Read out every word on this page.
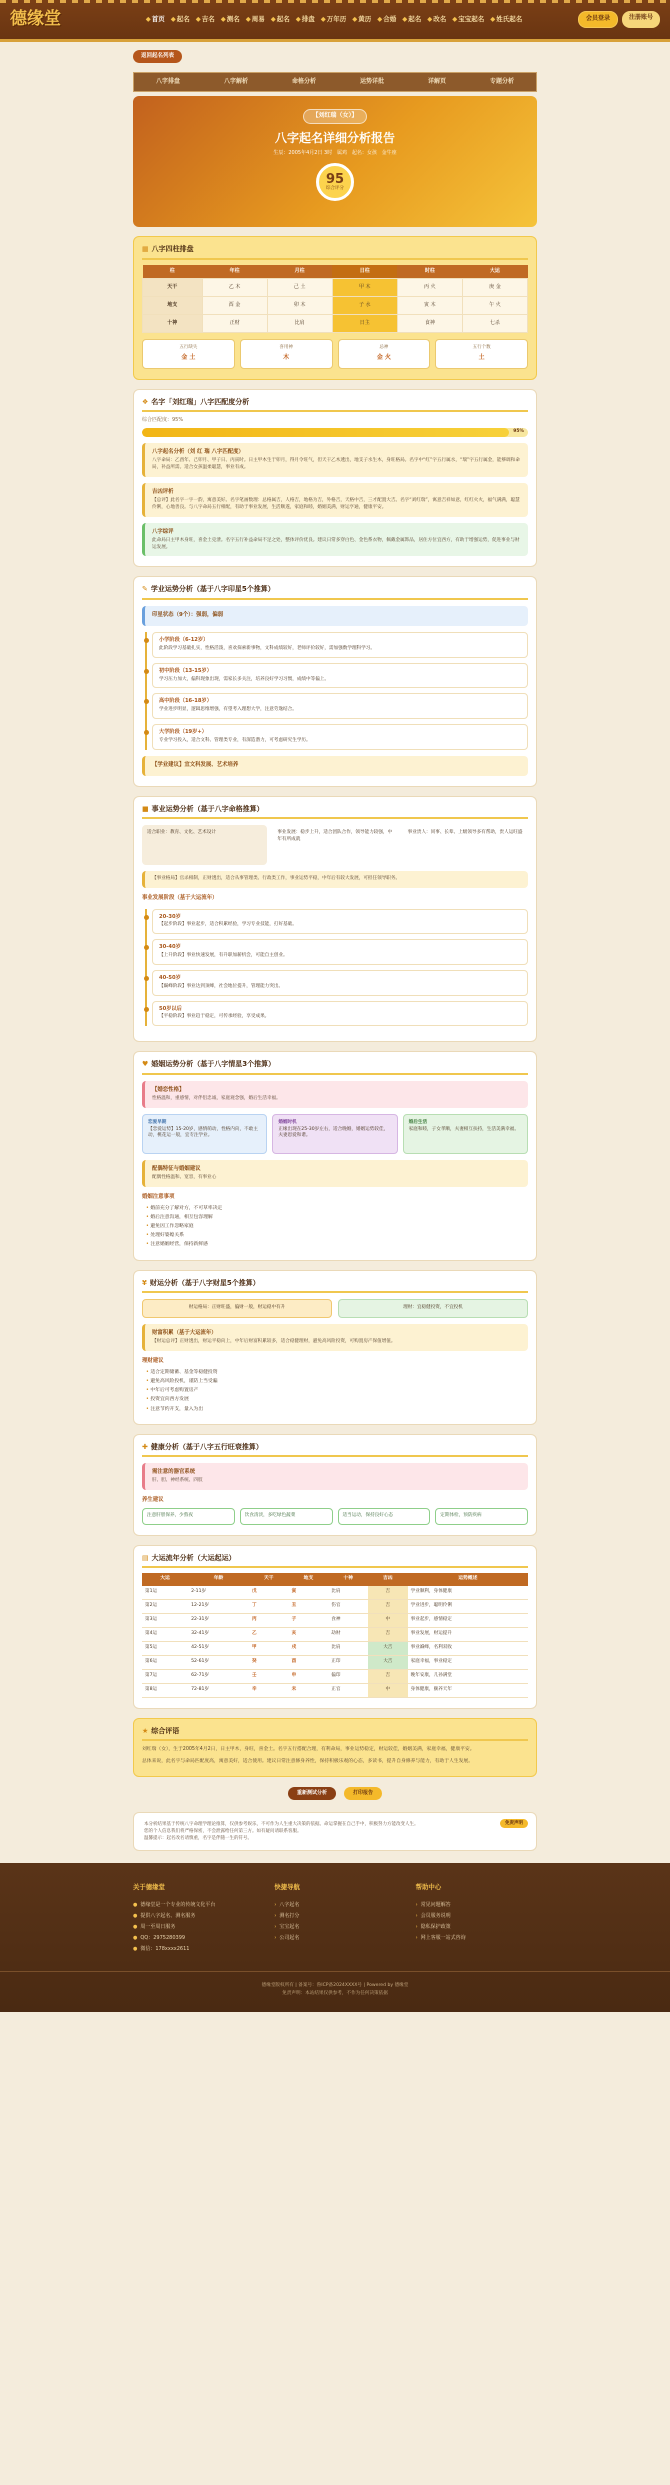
德缘堂	◆首页 ◆起名 ◆吉名 ◆测名 ◆周易 ◆起名 ◆排盘 ◆万年历 ◆黄历 ◆合婚 ◆起名 ◆改名 ◆宝宝起名 ◆姓氏起名	会员登录	注册账号
返回起名列表
八字排盘	八字解析	命格分析	运势详批	详解页	专题分析
【刘红瑞（女）】
八字起名详细分析报告
生辰：2005年4月2日 3时 属鸡 起名：女孩 金牛座
95
综合评分
▦ 八字四柱排盘
柱	年柱	月柱	日柱	时柱	大运
天干	乙 木	己 土	甲 木	丙 火	庚 金
地支	酉 金	卯 木	子 水	寅 木	午 火
十神	正财	比肩	日主	食神	七杀
五行缺失
金 土
喜用神
木
忌神
金 火
五行个数
土
❖ 名字「刘红瑞」八字匹配度分析
综合匹配度：95%
95%
八字起名分析（刘 红 瑞 八字匹配度）
八字命局：乙酉年、己卯月、甲子日、丙寅时。日主甲木生于卯月，得月令旺气，但天干乙木透出，地支子水生木，身旺格局。名字中“红”字五行属水，“瑞”字五行属金，能够调和命局，补益所需。适合女孩温柔聪慧，事业有成。
吉凶评析
【总评】此名字一字一韵，寓意美好。名字笔画数理：总格属吉，人格吉，地格为吉，外格吉，天格中吉，三才配置大吉。名字“刘红瑞”，寓意吉祥如意，红红火火，福气满满，聪慧伶俐，心地善良。与八字命局五行相配，有助于事业发展，生活顺遂，家庭和睦，婚姻美满，财运亨通，健康平安。
八字综评
此命局日主甲木身旺，喜金土克泄。名字五行补益命局不足之处，整体评价优良。建议日常多穿白色、金色系衣物，佩戴金属饰品，居住方位宜西方，有助于增强运势，促进事业与财运发展。
✎ 学业运势分析（基于八字印星5个推算）
印星状态（9个）：强弱，偏弱
小学阶段（6-12岁）
此阶段学习基础扎实，性格活泼，喜欢探索新事物，文科成绩较好，老师评价较好，需加强数学理科学习。
初中阶段（13-15岁）
学习压力加大，偏科现象出现，需家长多关注，培养良好学习习惯，成绩中等偏上。
高中阶段（16-18岁）
学业进步明显，逻辑思维增强，有望考入理想大学，注意劳逸结合。
大学阶段（19岁+）
专业学习投入，适合文科、管理类专业，有深造潜力，可考虑研究生学历。
【学业建议】宜文科发展、艺术培养
■ 事业运势分析（基于八字命格推算）
适合职业：教育、文化、艺术设计	事业发展：稳步上升，适合团队合作，领导能力较强，中年有所成就
事业贵人：同事、长辈、上级领导多有帮助，贵人运旺盛
【事业格局】官杀相制，正财透出，适合从事管理类、行政类工作，事业运势平稳，中年后有较大发展，可担任领导职务。
事业发展阶段（基于大运流年）
20-30岁
【起步阶段】事业起步，适合积累经验，学习专业技能，打好基础。
30-40岁
【上升阶段】事业快速发展，有升职加薪机会，可能自主创业。
40-50岁
【巅峰阶段】事业达到顶峰，社会地位提升，管理能力突出。
50岁以后
【平稳阶段】事业趋于稳定，可传承经验，享受成果。
♥ 婚姻运势分析（基于八字情星3个推算）
【婚恋性格】
性格温和，重感情，对伴侣忠诚，家庭观念强，婚后生活幸福。
恋爱早期
【恋爱运势】15-20岁，感情萌动，性格内向，不敢主动，桃花运一般，宜专注学业。
婚姻时机
正缘出现在25-30岁左右，适合晚婚，婚姻运势较佳，夫妻恩爱和谐。
婚后生活
家庭和睦，子女孝顺，夫妻相互扶持，生活美满幸福。
配偶特征与婚姻建议
配偶性格温和、宽容，有事业心
婚姻注意事项
• 婚前充分了解对方，不可草率决定
• 婚后注意沟通，相互包容理解
• 避免因工作忽略家庭
• 处理好婆媳关系
• 注意婚姻经营，保持新鲜感
¥ 财运分析（基于八字财星5个推算）
财运格局：正财旺盛，偏财一般，财运稳中有升	理财：宜稳健投资，不宜投机
财富积累（基于大运流年）
【财运总评】正财透出，财运平稳向上，中年后财富积累较多，适合稳健理财，避免高风险投资，可购置房产保值增值。
理财建议
• 适合定期储蓄、基金等稳健投资
• 避免高风险投机，谨防上当受骗
• 中年后可考虑购置房产
• 投资宜向西方发展
• 注意节约开支，量入为出
✚ 健康分析（基于八字五行旺衰推算）
需注意的器官系统
肝、胆、神经系统、四肢
养生建议
注意肝胆保养，少熬夜	饮食清淡，多吃绿色蔬菜	适当运动，保持良好心态	定期体检，预防疾病
▤ 大运流年分析（大运起运）
大运	年龄	天干	地支	十神	吉凶	运势概述
第1运	2-11岁	戊	寅	比肩	吉	学业顺利，身体健康
第2运	12-21岁	丁	丑	伤官	吉	学业进步，聪明伶俐
第3运	22-31岁	丙	子	食神	中	事业起步，感情稳定
第4运	32-41岁	乙	亥	劫财	吉	事业发展，财运提升
第5运	42-51岁	甲	戌	比肩	大吉	事业巅峰，名利双收
第6运	52-61岁	癸	酉	正印	大吉	家庭幸福，事业稳定
第7运	62-71岁	壬	申	偏印	吉	晚年安康，儿孙满堂
第8运	72-81岁	辛	未	正官	中	身体健康，颐养天年
★ 综合评语

刘红瑞（女），生于2005年4月2日，日主甲木，身旺，喜金土。名字五行搭配合理，有利命局，事业运势稳定，财运较佳，婚姻美满，家庭幸福，健康平安。

总体来说，此名字与命局匹配度高，寓意美好，适合使用。建议日常注意修身养性，保持积极乐观的心态，多读书，提升自身修养与能力，有助于人生发展。

重新测试分析	打印报告
免责声明

本分析结果基于传统八字命理学理论推算，仅供参考娱乐，不可作为人生重大决策的依据。命运掌握在自己手中，积极努力方能改变人生。

您的个人信息我们将严格保密，不会泄露给任何第三方。如有疑问请联系客服。

温馨提示：起名改名请慎重，名字是伴随一生的符号。

关于德缘堂
● 德缘堂是一个专业的传统文化平台
● 提供八字起名、测名服务
● 周一至周日服务
● QQ：2975280399
● 微信：178xxxx2611
快捷导航
› 八字起名
› 测名打分
› 宝宝起名
› 公司起名
帮助中心
› 常见问题解答
› 会员服务说明
› 隐私保护政策
› 网上客服一站式咨询
德缘堂版权所有 | 备案号：鲁ICP备2024XXXX号 | Powered by 德缘堂
免责声明：本站结果仅供参考，不作为任何决策依据
